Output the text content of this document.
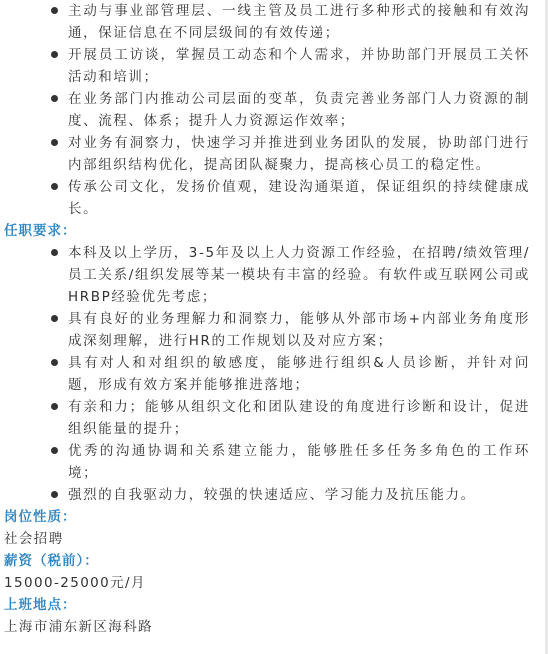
主动与事业部管理层、一线主管及员工进行多种形式的接触和有效沟通，保证信息在不同层级间的有效传递；
开展员工访谈，掌握员工动态和个人需求，并协助部门开展员工关怀活动和培训；
在业务部门内推动公司层面的变革，负责完善业务部门人力资源的制度、流程、体系；提升人力资源运作效率；
对业务有洞察力，快速学习并推进到业务团队的发展，协助部门进行内部组织结构优化，提高团队凝聚力，提高核心员工的稳定性。
传承公司文化，发扬价值观，建设沟通渠道，保证组织的持续健康成长。
任职要求：
本科及以上学历，3-5年及以上人力资源工作经验，在招聘/绩效管理/员工关系/组织发展等某一模块有丰富的经验。有软件或互联网公司或HRBP经验优先考虑；
具有良好的业务理解力和洞察力，能够从外部市场+内部业务角度形成深刻理解，进行HR的工作规划以及对应方案；
具有对人和对组织的敏感度，能够进行组织&人员诊断，并针对问题，形成有效方案并能够推进落地；
有亲和力；能够从组织文化和团队建设的角度进行诊断和设计，促进组织能量的提升；
优秀的沟通协调和关系建立能力，能够胜任多任务多角色的工作环境；
强烈的自我驱动力，较强的快速适应、学习能力及抗压能力。
岗位性质：
社会招聘
薪资（税前）：
15000-25000元/月
上班地点：
上海市浦东新区海科路
